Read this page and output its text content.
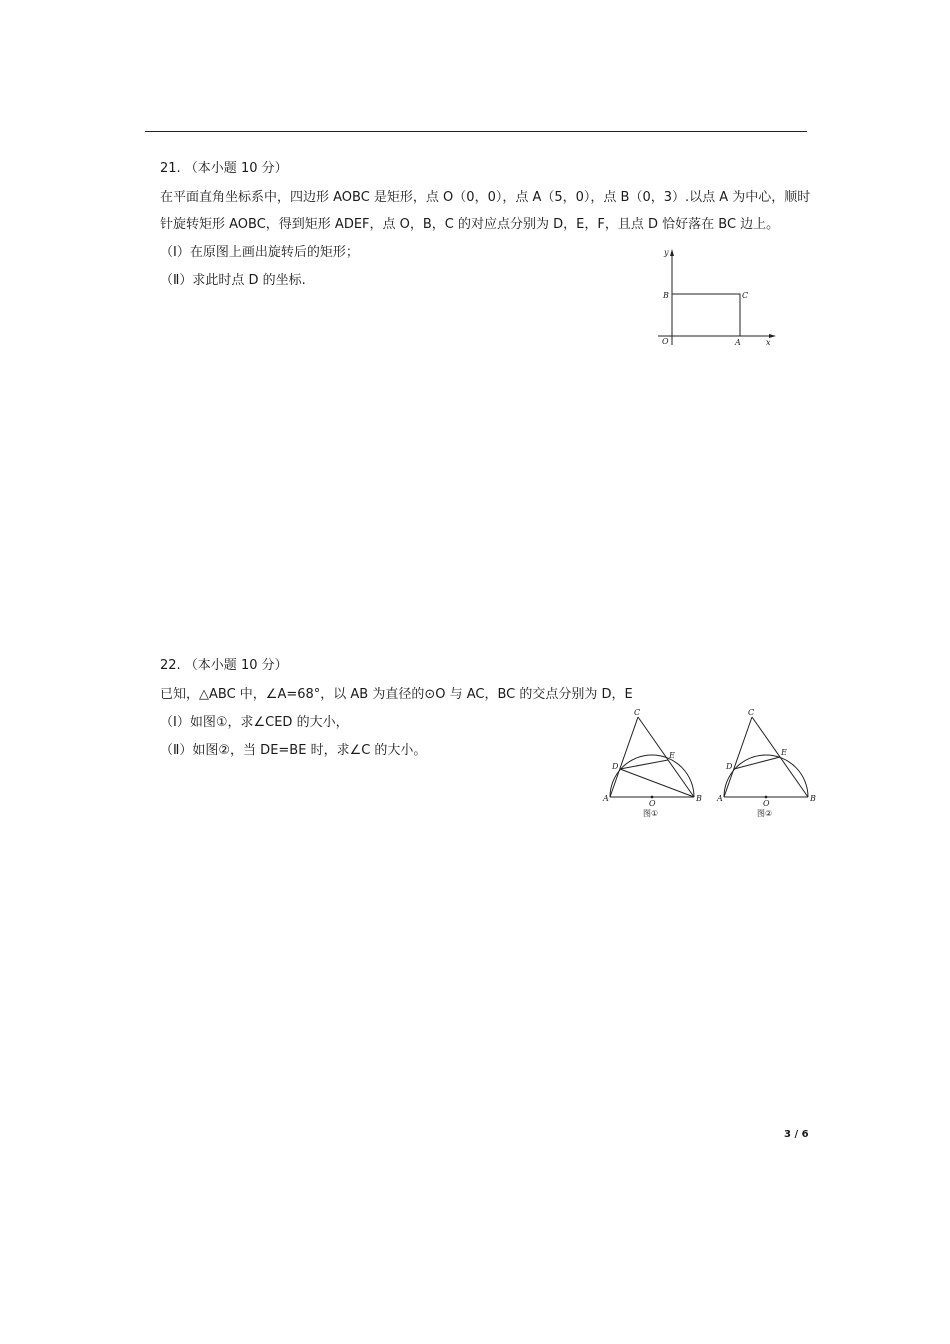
21. （本小题 10 分）
在平面直角坐标系中，四边形 AOBC 是矩形，点 O（0，0），点 A（5，0），点 B（0，3）.以点 A 为中心，顺时
针旋转矩形 AOBC，得到矩形 ADEF，点 O，B，C 的对应点分别为 D，E，F，且点 D 恰好落在 BC 边上。
（Ⅰ）在原图上画出旋转后的矩形；
（Ⅱ）求此时点 D 的坐标.
y
x
O	A
B	C
22. （本小题 10 分）
已知，△ABC 中，∠A=68°，以 AB 为直径的⊙O 与 AC，BC 的交点分别为 D，E
（Ⅰ）如图①，求∠CED 的大小，
（Ⅱ）如图②，当 DE=BE 时，求∠C 的大小。
C
D
E
A	B
O
图①
C
D
E
A	B
O
图②
3 / 6
